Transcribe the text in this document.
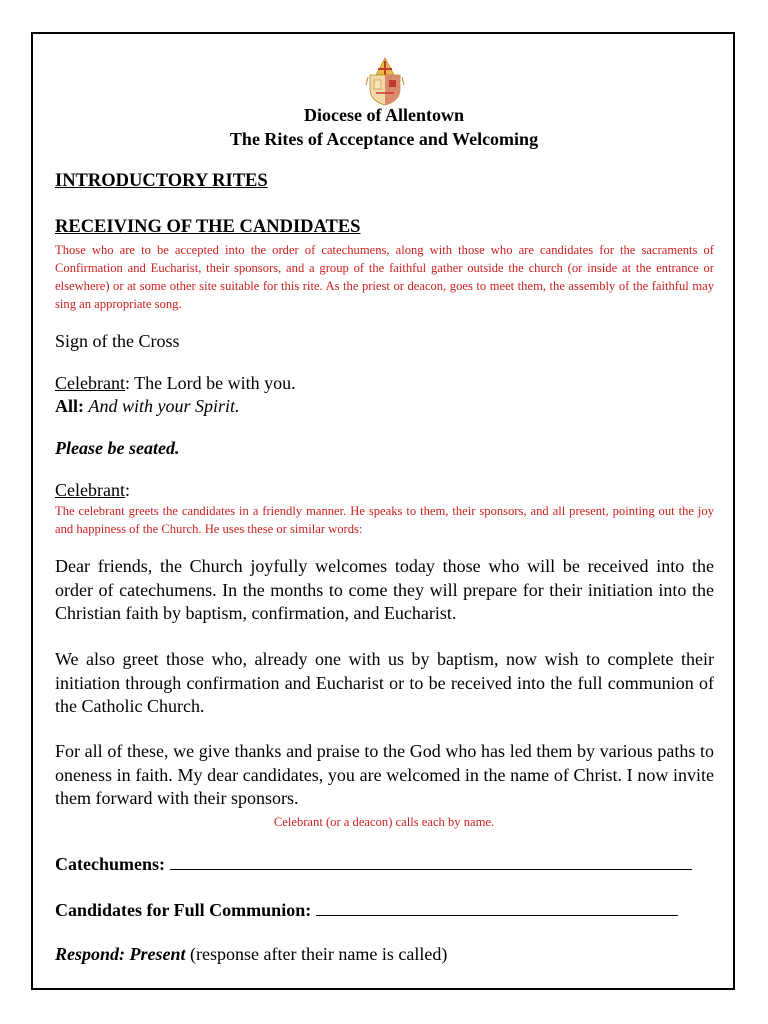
Diocese of Allentown
The Rites of Acceptance and Welcoming
INTRODUCTORY RITES
RECEIVING OF THE CANDIDATES
Those who are to be accepted into the order of catechumens, along with those who are candidates for the sacraments of Confirmation and Eucharist, their sponsors, and a group of the faithful gather outside the church (or inside at the entrance or elsewhere) or at some other site suitable for this rite. As the priest or deacon, goes to meet them, the assembly of the faithful may sing an appropriate song.
Sign of the Cross
Celebrant: The Lord be with you.
All: And with your Spirit.
Please be seated.
Celebrant:
The celebrant greets the candidates in a friendly manner. He speaks to them, their sponsors, and all present, pointing out the joy and happiness of the Church. He uses these or similar words:
Dear friends, the Church joyfully welcomes today those who will be received into the order of catechumens. In the months to come they will prepare for their initiation into the Christian faith by baptism, confirmation, and Eucharist.
We also greet those who, already one with us by baptism, now wish to complete their initiation through confirmation and Eucharist or to be received into the full communion of the Catholic Church.
For all of these, we give thanks and praise to the God who has led them by various paths to oneness in faith. My dear candidates, you are welcomed in the name of Christ. I now invite them forward with their sponsors.
Celebrant (or a deacon) calls each by name.
Catechumens:
Candidates for Full Communion:
Respond: Present (response after their name is called)
